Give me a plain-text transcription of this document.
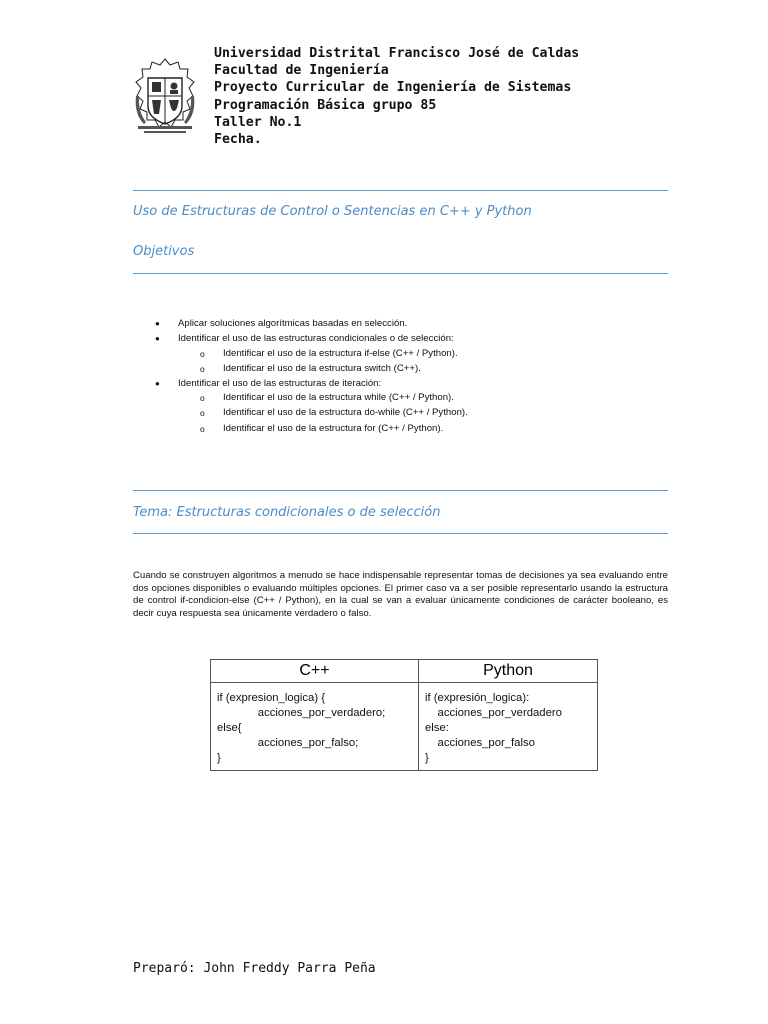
Universidad Distrital Francisco José de Caldas
Facultad de Ingeniería
Proyecto Curricular de Ingeniería de Sistemas
Programación Básica grupo 85
Taller No.1
Fecha.
Uso de Estructuras de Control o Sentencias en C++ y Python
Objetivos
● Aplicar soluciones algorítmicas basadas en selección.
● Identificar el uso de las estructuras condicionales o de selección:
o Identificar el uso de la estructura if-else (C++ / Python).
o Identificar el uso de la estructura switch (C++).
● Identificar el uso de las estructuras de iteración:
o Identificar el uso de la estructura while (C++ / Python).
o Identificar el uso de la estructura do-while (C++ / Python).
o Identificar el uso de la estructura for (C++ / Python).
Tema: Estructuras condicionales o de selección

Cuando se construyen algoritmos a menudo se hace indispensable representar tomas de decisiones ya sea evaluando entre dos opciones disponibles o evaluando múltiples opciones. El primer caso va a ser posible representarlo usando la estructura de control if-condicion-else (C++ / Python), en la cual se van a evaluar únicamente condiciones de carácter booleano, es decir cuya respuesta sea únicamente verdadero o falso.

C++	Python
if (expresion_logica) {
acciones_por_verdadero;
else{
acciones_por_falso;
}	if (expresión_logica):
acciones_por_verdadero
else:
acciones_por_falso
}
Preparó: John Freddy Parra Peña
